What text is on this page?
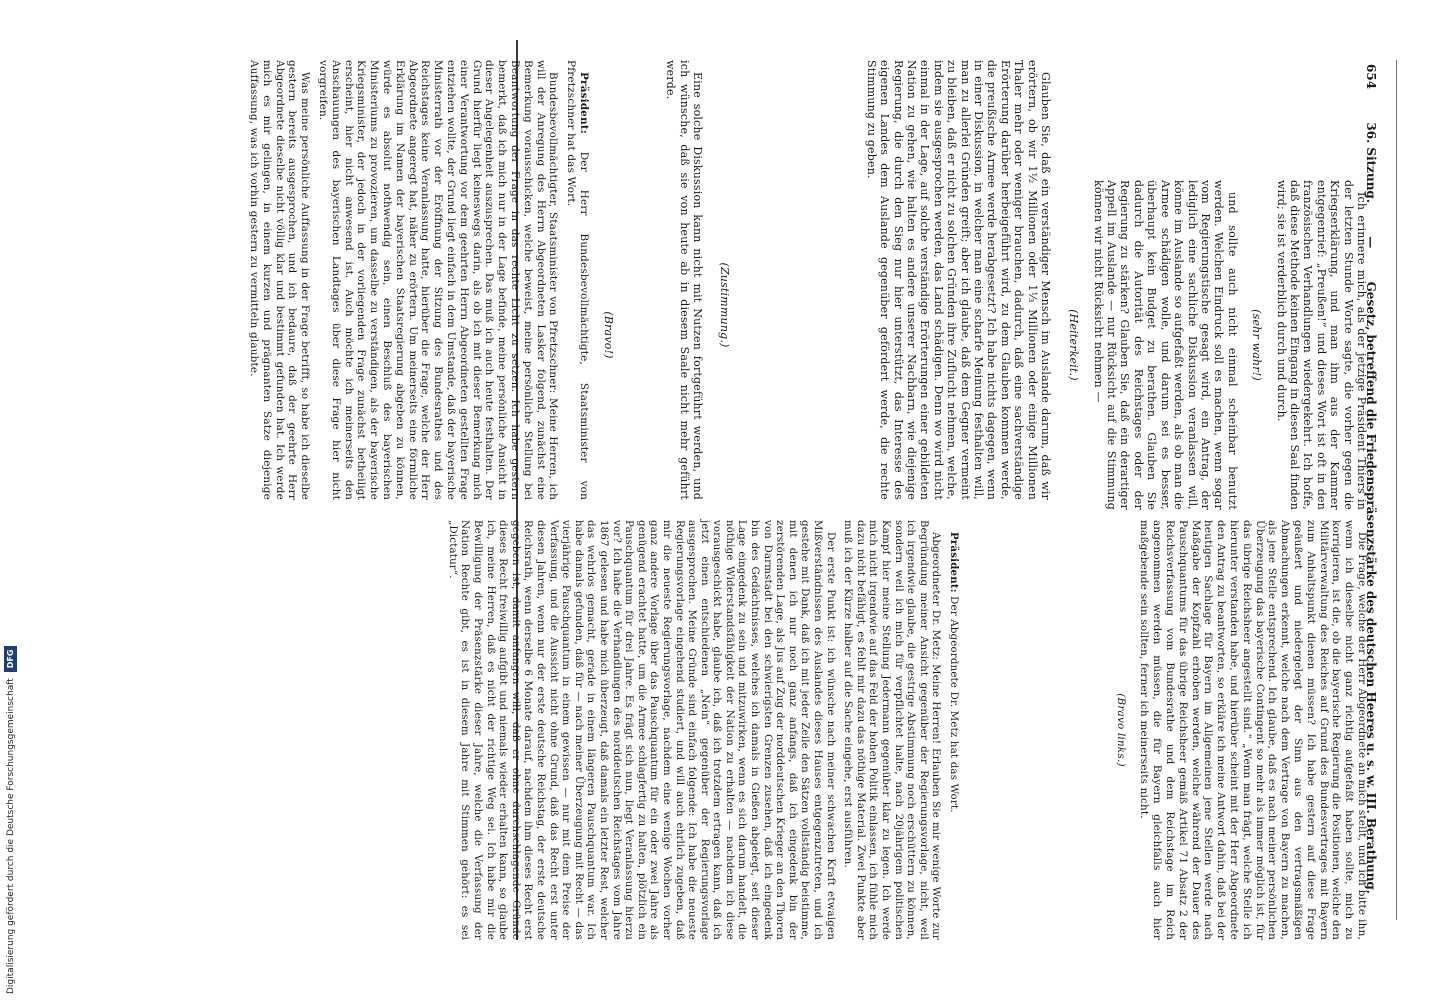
654
36. Sitzung.
—
Gesetz, betreffend die Friedenspräsenzstärke des deutschen Heeres u. s. w. III. Berathung.

Ich erinnere mich, als der jetzige Präsident Thiers in der letzten Stunde Worte sagte, die vorher gegen die Kriegserklärung, und man ihm aus der Kammer entgegenrief: „Preußen!“ und dieses Wort ist oft in den französischen Verhandlungen wiedergekehrt. Ich hoffe, daß diese Methode keinen Eingang in diesen Saal finden wird; sie ist verderblich durch und durch.

(sehr wahr!)

und sollte auch nicht einmal scheinbar benutzt werden. Welchen Eindruck soll es machen, wenn sogar vom Regierungstische gesagt wird, ein Antrag, der lediglich eine sachliche Diskussion veranlassen will, könne im Auslande so aufgefaßt werden, als ob man die Armee schädigen wolle, und darum sei es besser, überhaupt kein Budget zu berathen. Glauben Sie dadurch die Autorität des Reichstages oder der Regierung zu stärken? Glauben Sie, daß ein derartiger Appell im Auslande — nur Rücksicht auf die Stimmung können wir nicht Rücksicht nehmen —

(Heiterkeit.)

Glauben Sie, daß ein verständiger Mensch im Auslande darum, daß wir erörtern, ob wir 1½ Millionen oder 1⅓ Millionen oder einige Millionen Thaler mehr oder weniger brauchen, dadurch, daß eine sachverständige Erörterung darüber herbeigeführt wird, zu dem Glauben kommen werde, die preußische Armee werde herabgesetzt? Ich habe nichts dagegen, wenn in einer Diskussion, in welcher man eine scharfe Meinung festhalten will, man zu allerlei Gründen greift; aber ich glaube, daß dem Gegner vermeint zu bleiben, daß er nicht zu solchen Gründen ihre Zuflucht nehmen, welche, indem sie ausgesprochen werden, das Land schädigen. Denn wo wird nicht einmal in der Lage, auf solche verständige Erörterungen einer gebildeten Nation zu gehen, wie halten es andere unserer Nachbarn, wie diejenige Regierung, die durch den Sieg nur hier unterstützt, das Interesse des eigenen Landes dem Auslande gegenüber gefördert werde, die rechte Stimmung zu geben.

(Zustimmung.)

Eine solche Diskussion kann nicht mit Nutzen fortgeführt werden, und ich wünsche, daß sie von heute ab in diesem Saale nicht mehr geführt werde.

(Bravo!)

Präsident: Der Herr Bundesbevollmächtigte, Staatsminister von Pfretzschner hat das Wort.

Bundesbevollmächtigter, Staatsminister von Pfretzschner: Meine Herren, ich will der Anregung des Herrn Abgeordneten Lasker folgend, zunächst eine Bemerkung vorausschicken, welche beweist, meine persönliche Stellung bei Beantwortung der Frage in das rechte Licht zu setzen. Ich habe gestern bemerkt, daß ich mich nur in der Lage befinde, meine persönliche Ansicht in dieser Angelegenheit auszusprechen. Das muß ich auch heute festhalten. Der Grund hierfür liegt keineswegs darin, als ob ich mit dieser Bemerkung mich einer Verantwortung vor dem geehrten Herrn Abgeordneten gestellten Frage entziehen wollte, der Grund liegt einfach in dem Umstande, daß der bayerische Ministerrath vor der Eröffnung der Sitzung des Bundesrathes und des Reichstages keine Veranlassung hatte, hierüber die Frage, welche der Herr Abgeordnete angeregt hat, näher zu erörtern. Um meinerseits eine förmliche Erklärung im Namen der bayerischen Staatsregierung abgeben zu können, würde es absolut nothwendig sein, einen Beschluß des bayerischen Ministeriums zu provozieren, um dasselbe zu verständigen, als der bayerische Kriegsminister, der jedoch in der vorliegenden Frage zunächst betheiligt erscheint, hier nicht anwesend ist. Auch möchte ich meinerseits den Anschauungen des bayerischen Landtages über diese Frage hier nicht vorgreifen.

Was meine persönliche Auffassung in der Frage betrifft, so habe ich dieselbe gestern bereits ausgesprochen, und ich bedaure, daß der geehrte Herr Abgeordnete dieselbe nicht völlig klar und bestimmt gefunden hat. Ich werde mich es mir gelingen, in einem kurzen und prägnanten Satze diejenige Auffassung, was ich vorhin gestern zu vermitteln glaubte.

Die Frage, welche der Herr Abgeordnete an mich stellt, und ich bitte ihn, wenn ich dieselbe nicht ganz richtig aufgefaßt haben sollte, mich zu korrigieren, ist die, ob die bayerische Regierung die Positionen, welche den Militärverwaltung des Reiches auf Grund des Bundesvertrages mit Bayern zum Anhaltspunkt dienen müssen? Ich habe gestern auf diese Frage geäußert und niedergelegt der Sinn aus den vertragsmäßigen Abmachungen erkennt, welche nach dem Vertrage von Bayern zu machen, als jene Stelle entsprechend. Ich glaube, daß es nach meiner persönlichen Überzeugung das bayerische Contingent so mehr als immer möglich ist, für das übrige Reichsheer angestellt sind.“ „Wenn man frägt, welche Stelle ich hierunter verstanden habe, und hierüber scheint mit der Herr Abgeordnete den Antrag zu beantworten, so erkläre ich meine Antwort dahin, daß bei der heutigen Sachlage für Bayern im Allgemeinen jene Stellen werde nach Maßgabe der Kopfzahl erhoben werden, welche während der Dauer des Pauschquantums für das übrige Reichsheer gemäß Artikel 71 Absatz 2 der Reichsverfassung vom Bundesrathe und dem Reichstage im Reich angenommen werden müssen, die für Bayern gleichfalls auch hier maßgebende sein sollten, ferner ich meinerseits nicht.

(Bravo links.)

Präsident: Der Abgeordnete Dr. Metz hat das Wort.

Abgeordneter Dr. Metz: Meine Herren! Erlauben Sie mir wenige Worte zur Begründung meiner Ansicht gegenüber der Regierungsvorlage, nicht, weil ich irgendwie glaube, die gestrige Abstimmung noch erschüttern zu können, sondern weil ich mich für verpflichtet halte, nach 20jährigem politischen Kampf hier meine Stellung Jedermann gegenüber klar zu legen. Ich werde mich nicht irgendwie auf das Feld der hohen Politik einlassen, ich fühle mich dazu nicht befähigt, es fehlt mir dazu das nöthige Material. Zwei Punkte aber muß ich der Kürze halber auf die Sache eingehe, erst ausführen.

Der erste Punkt ist: ich wünsche nach meiner schwachen Kraft etwaigen Mißverständnissen des Auslandes dieses Hauses entgegenzutreten, und ich gestehe mit Dank, daß ich mit jeder Zeile den Sätzen vollständig beistimme, mit denen ich nur noch ganz anfangs, daß ich eingedenk bin der zerstörenden Lage, als Jus auf Zug der norddeutschen Krieger an den Thoren von Darmstadt bei den schwierigsten Grenzen zusehen, daß ich eingedenk bin des Gedächtnisses, welches ich damals in Gießen abgelegt, seit dieser Lage eingedenk zu sein und mitzuwirken, wenn es sich darum handelt, die nöthige Widerstandsfähigkeit der Nation zu erhalten — nachdem ich diese vorausgeschickt habe, glaube ich, daß ich trotzdem ertragen kann, daß ich jetzt einen entschiedenen „Nein“ gegenüber der Regierungsvorlage ausgesprochen. Meine Gründe sind einfach folgende: Ich habe die neueste Regierungsvorlage eingehend studiert, und will auch ehrlich zugeben, daß mir die neueste Regierungsvorlage, nachdem eine wenige Wochen vorher ganz andere Vorlage über das Pauschquantum für ein oder zwei Jahre als genügend erachtet hatte, um die Armee schlagfertig zu halten, plötzlich ein Pauschquantum für drei Jahre. Es frägt sich nun, liegt Veranlassung hierzu vor? Ich habe die Verhandlungen des norddeutschen Reichstages vom Jahre 1867 gelesen und habe mich überzeugt, daß damals ein letzter Rest, welcher das wehrlos gemacht, gerade in einem längeren Pauschquantum war. Ich habe damals gefunden, daß für — nach meiner Überzeugung mit Recht — das vierjährige Pauschquantum in einem gewissen — nur mit dem Preise der Verfassung, und die Aussicht nicht ohne Grund, daß das Recht erst unter diesen Jahren, wenn nur der erste deutsche Reichstag, der erste deutsche Reichsrath, wenn derselbe 6 Monate darauf, nachdem ihm dieses Recht erst gegeben ist, damit anfangen will, daß er ohne durchschlagende Gründe dieses Recht freiwillig aufgibt und niemals wieder erhalten kann, so glaube ich, meine Herren, daß es nicht der richtige Weg sei. Ich habe mir die Bewilligung der Präsenzstärke dieser Jahre, welche die Verfassung der Nation Rechte gibt, es ist in diesem Jahre mit Stimmen gehört: es sei „Dictatur“.

Digitalisierung gefördert durch die Deutsche Forschungsgemeinschaft
DFG
